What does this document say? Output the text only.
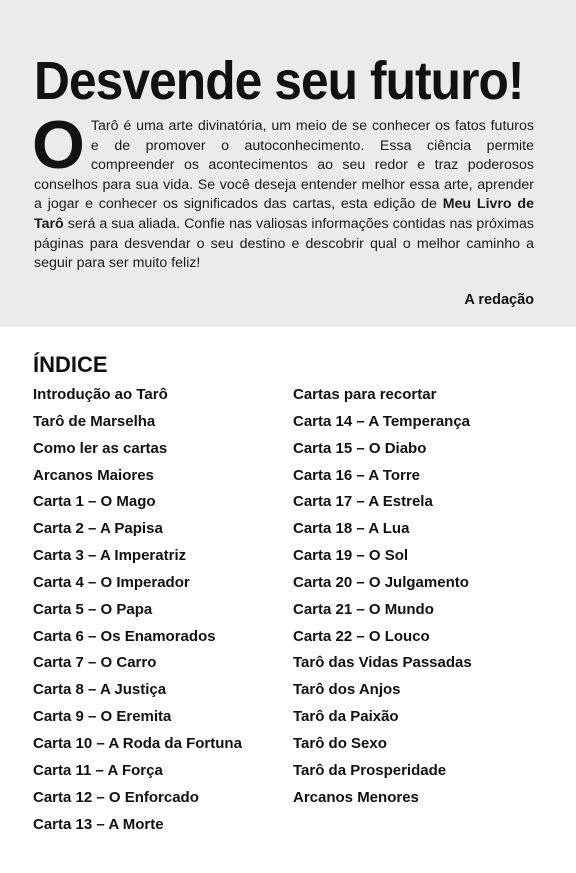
Desvende seu futuro!

O Tarô é uma arte divinatória, um meio de se conhecer os fatos futuros e de promover o autoconhecimento. Essa ciência permite compreender os acontecimentos ao seu redor e traz poderosos conselhos para sua vida. Se você deseja entender melhor essa arte, aprender a jogar e conhecer os significados das cartas, esta edição de Meu Livro de Tarô será a sua aliada. Confie nas valiosas informações contidas nas próximas páginas para desvendar o seu destino e descobrir qual o melhor caminho a seguir para ser muito feliz!

A redação
ÍNDICE
Introdução ao Tarô
Tarô de Marselha
Como ler as cartas
Arcanos Maiores
Carta 1 – O Mago
Carta 2 – A Papisa
Carta 3 – A Imperatriz
Carta 4 – O Imperador
Carta 5 – O Papa
Carta 6 – Os Enamorados
Carta 7 – O Carro
Carta 8 – A Justiça
Carta 9 – O Eremita
Carta 10 – A Roda da Fortuna
Carta 11 – A Força
Carta 12 – O Enforcado
Carta 13 – A Morte
Cartas para recortar
Carta 14 – A Temperança
Carta 15 – O Diabo
Carta 16 – A Torre
Carta 17 – A Estrela
Carta 18 – A Lua
Carta 19 – O Sol
Carta 20 – O Julgamento
Carta 21 – O Mundo
Carta 22 – O Louco
Tarô das Vidas Passadas
Tarô dos Anjos
Tarô da Paixão
Tarô do Sexo
Tarô da Prosperidade
Arcanos Menores
